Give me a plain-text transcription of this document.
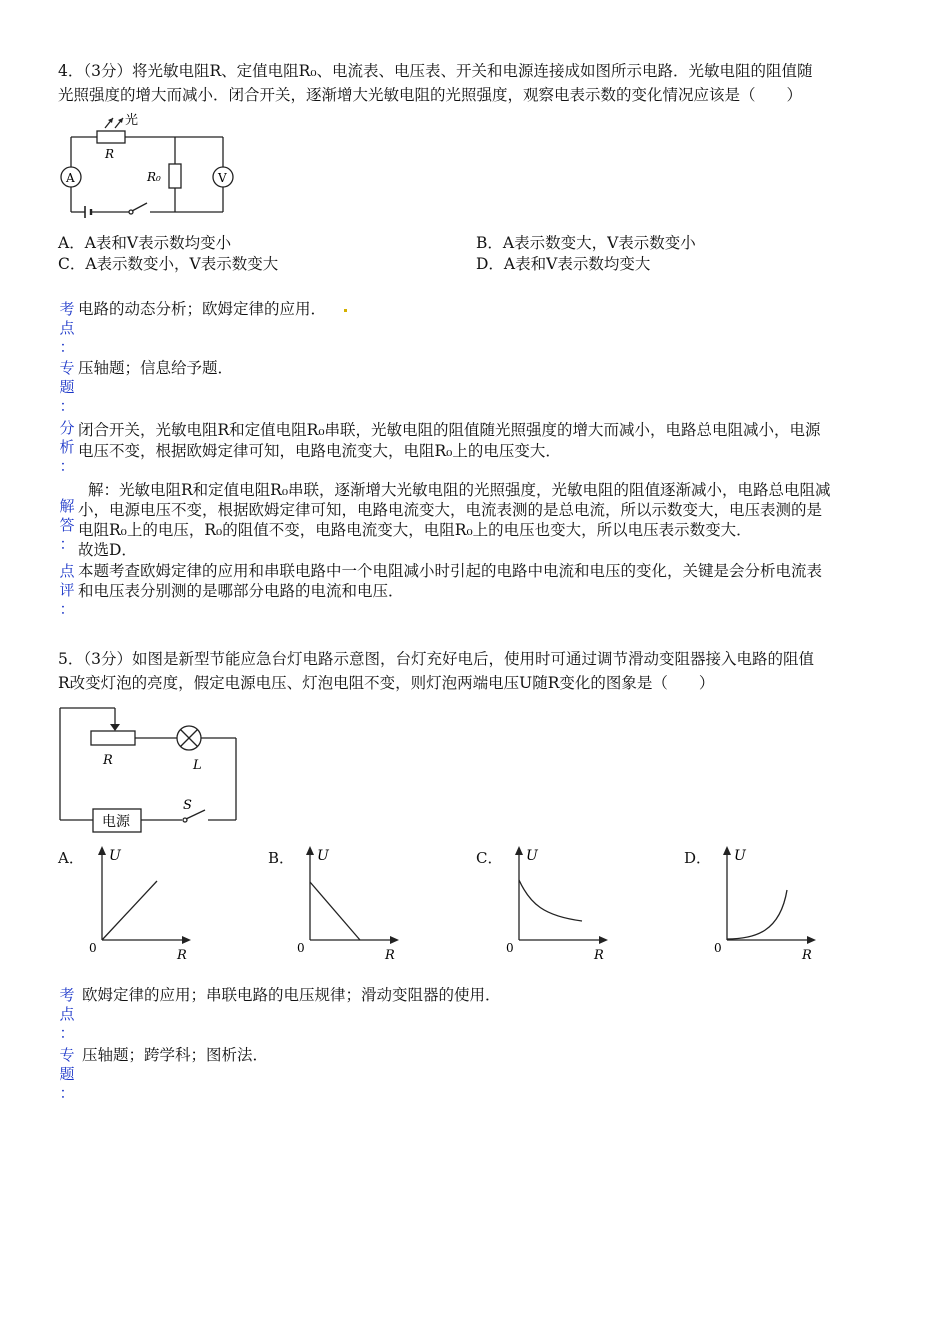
4．（3分）将光敏电阻R、定值电阻R₀、电流表、电压表、开关和电源连接成如图所示电路．光敏电阻的阻值随
光照强度的增大而减小．闭合开关，逐渐增大光敏电阻的光照强度，观察电表示数的变化情况应该是（　　）
光
R
R₀
A	V
A．A表和V表示数均变小	B．A表示数变大，V表示数变小
C．A表示数变小，V表示数变大	D．A表和V表示数均变大
考
点
：
电路的动态分析；欧姆定律的应用．
专
题
：
压轴题；信息给予题．
分
析
：
闭合开关，光敏电阻R和定值电阻R₀串联，光敏电阻的阻值随光照强度的增大而减小，电路总电阻减小，电源
电压不变，根据欧姆定律可知，电路电流变大，电阻R₀上的电压变大．
解
答
：
解：光敏电阻R和定值电阻R₀串联，逐渐增大光敏电阻的光照强度，光敏电阻的阻值逐渐减小，电路总电阻减
小，电源电压不变，根据欧姆定律可知，电路电流变大，电流表测的是总电流，所以示数变大，电压表测的是
电阻R₀上的电压，R₀的阻值不变，电路电流变大，电阻R₀上的电压也变大，所以电压表示数变大．
故选D．
点
评
：
本题考查欧姆定律的应用和串联电路中一个电阻减小时引起的电路中电流和电压的变化，关键是会分析电流表
和电压表分别测的是哪部分电路的电流和电压．
5．（3分）如图是新型节能应急台灯电路示意图，台灯充好电后，使用时可通过调节滑动变阻器接入电路的阻值
R改变灯泡的亮度，假定电源电压、灯泡电阻不变，则灯泡两端电压U随R变化的图象是（　　）
R	L
S
电源
A． U
R
0
B． U
R
0
C． U
R
0
D． U
R
0
考
点
：
欧姆定律的应用；串联电路的电压规律；滑动变阻器的使用．
专
题
：
压轴题；跨学科；图析法．
